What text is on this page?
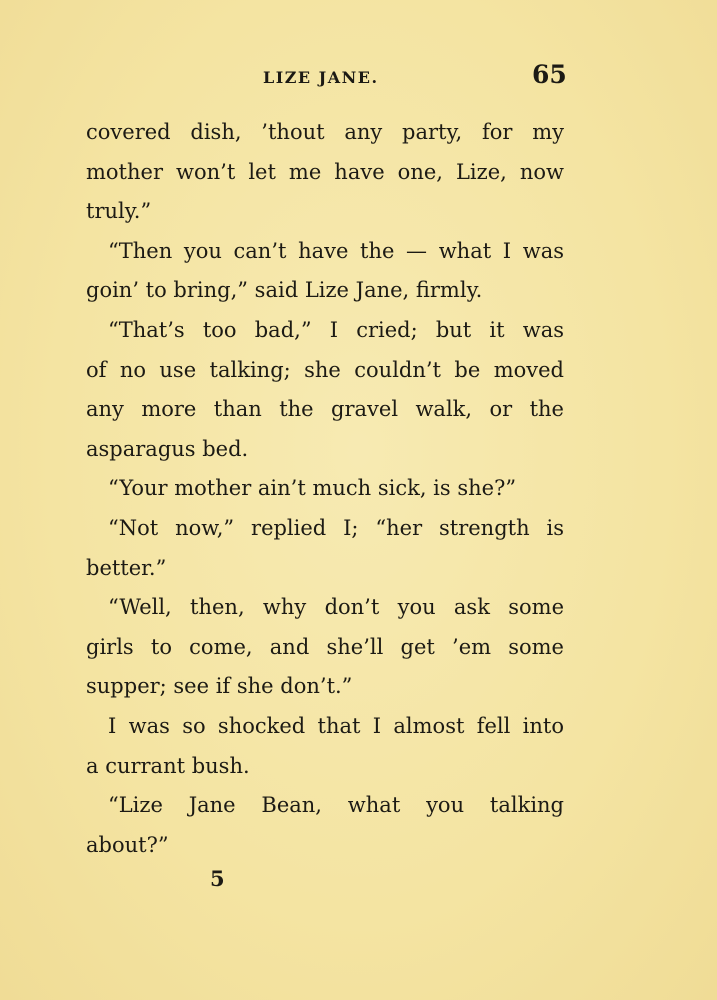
LIZE JANE.	65
covered dish, ’thout any party, for my
mother won’t let me have one, Lize, now
truly.”
“Then you can’t have the — what I was
goin’ to bring,” said Lize Jane, firmly.
“That’s too bad,” I cried; but it was
of no use talking; she couldn’t be moved
any more than the gravel walk, or the
asparagus bed.
“Your mother ain’t much sick, is she?”
“Not now,” replied I; “her strength is
better.”
“Well, then, why don’t you ask some
girls to come, and she’ll get ’em some
supper; see if she don’t.”
I was so shocked that I almost fell into
a currant bush.
“Lize Jane Bean, what you talking
about?”
5
